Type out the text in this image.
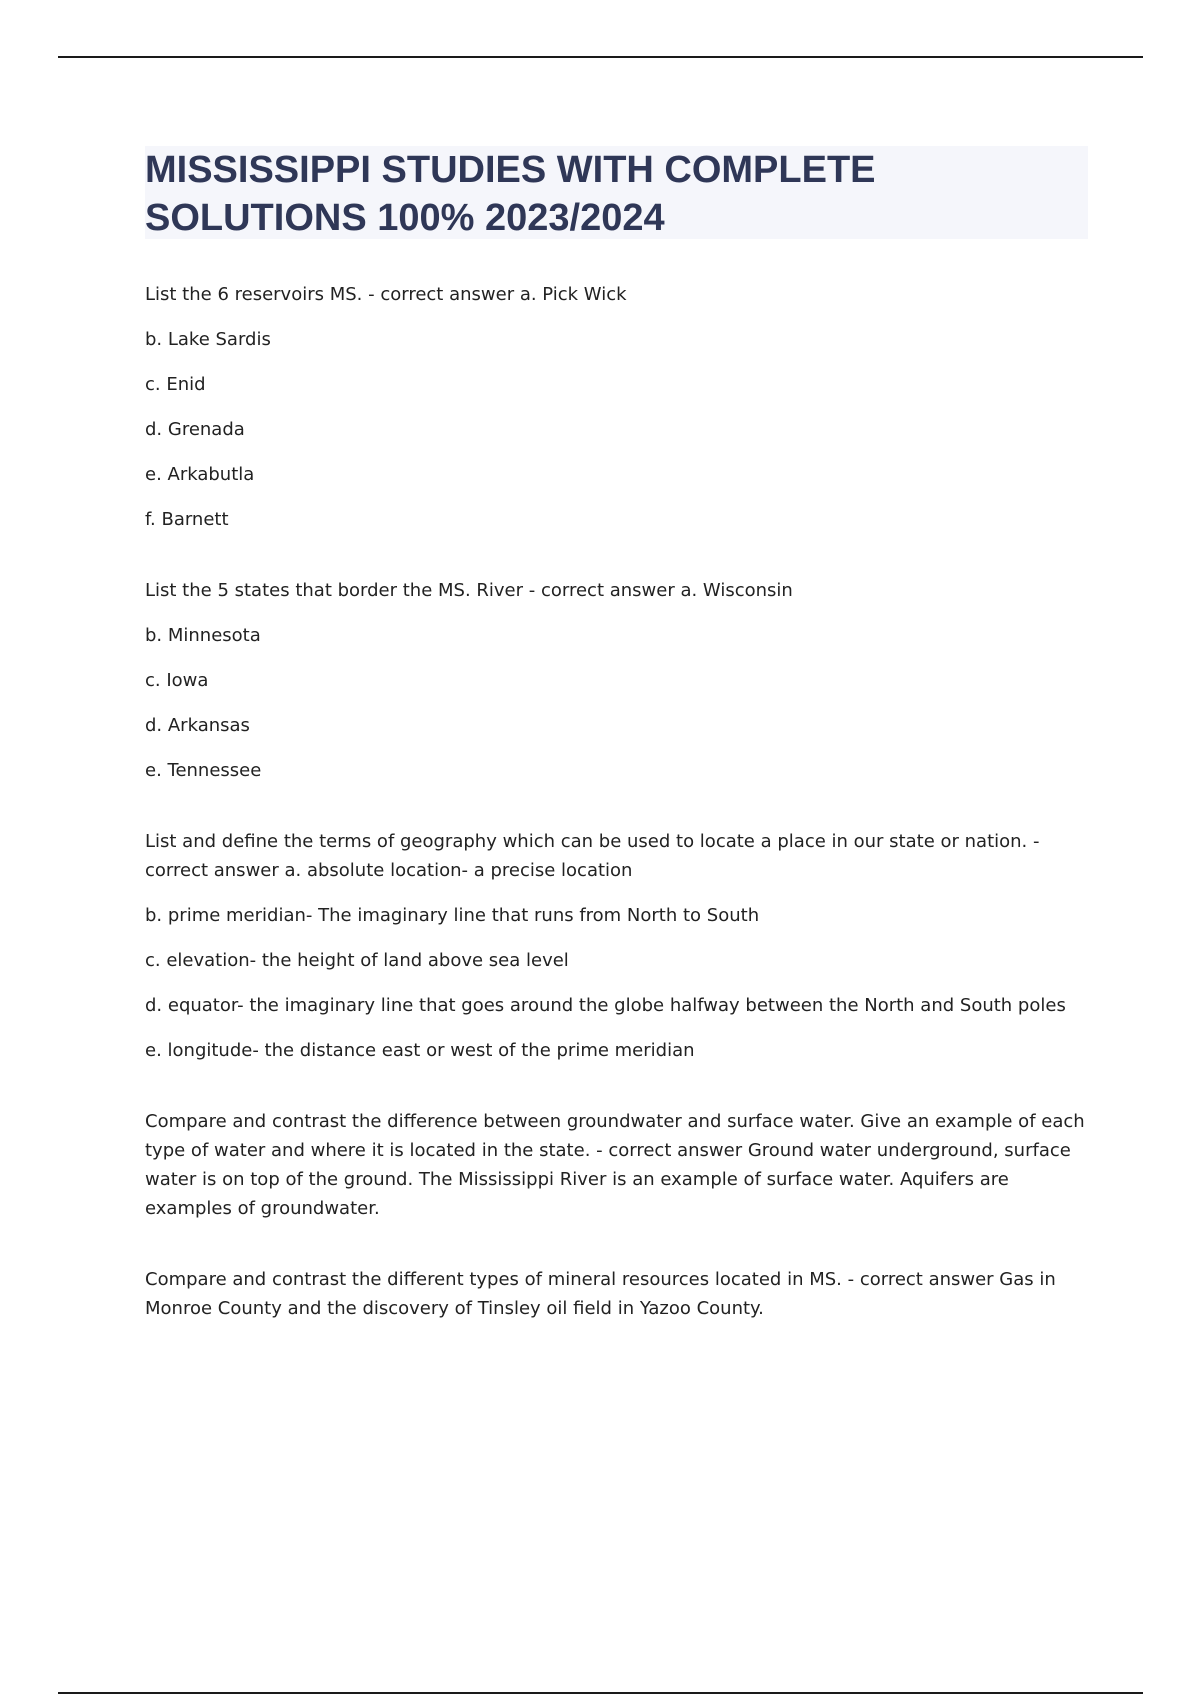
MISSISSIPPI STUDIES WITH COMPLETE SOLUTIONS 100% 2023/2024

List the 6 reservoirs MS. - correct answer a. Pick Wick

b. Lake Sardis

c. Enid

d. Grenada

e. Arkabutla

f. Barnett

List the 5 states that border the MS. River - correct answer a. Wisconsin

b. Minnesota

c. Iowa

d. Arkansas

e. Tennessee

List and define the terms of geography which can be used to locate a place in our state or nation. - correct answer a. absolute location- a precise location

b. prime meridian- The imaginary line that runs from North to South

c. elevation- the height of land above sea level

d. equator- the imaginary line that goes around the globe halfway between the North and South poles

e. longitude- the distance east or west of the prime meridian

Compare and contrast the difference between groundwater and surface water. Give an example of each type of water and where it is located in the state. - correct answer Ground water underground, surface water is on top of the ground. The Mississippi River is an example of surface water. Aquifers are examples of groundwater.

Compare and contrast the different types of mineral resources located in MS. - correct answer Gas in Monroe County and the discovery of Tinsley oil field in Yazoo County.
